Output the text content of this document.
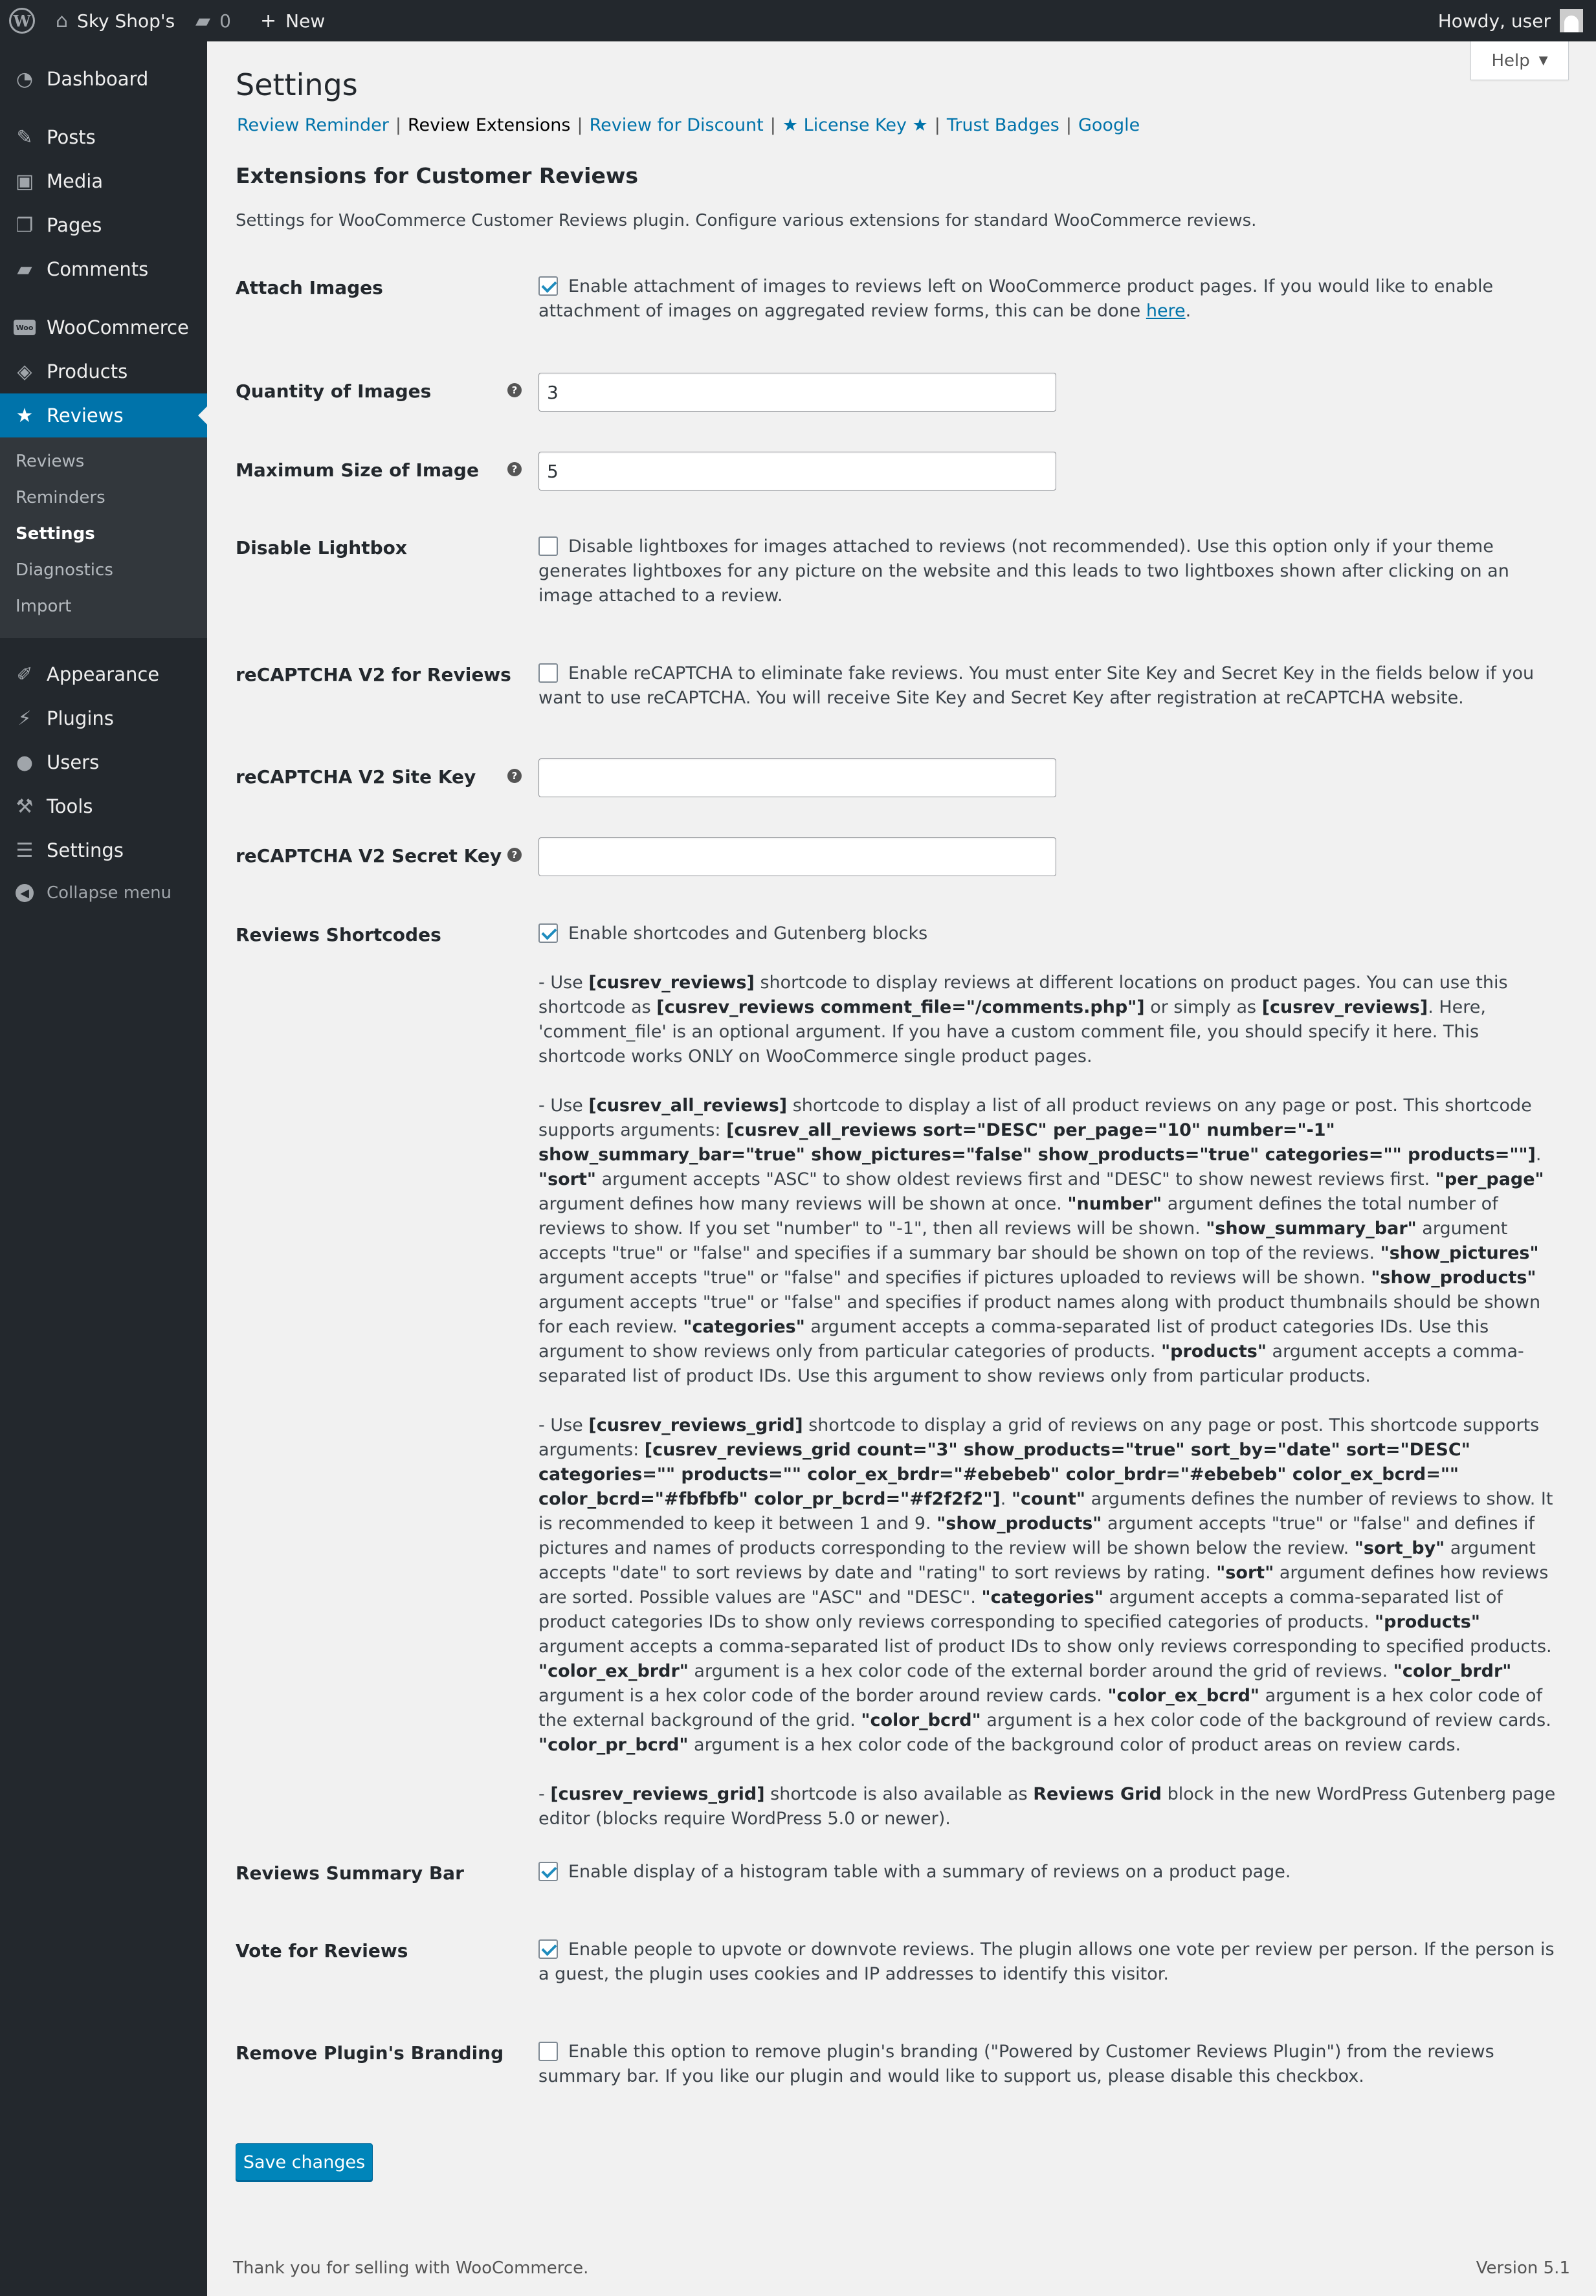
W ⌂ Sky Shop's ▰ 0 + New	Howdy, user
◔ Dashboard
✎ Posts
▣ Media
❐ Pages
▰ Comments
Woo WooCommerce
◈ Products
★ Reviews
Reviews
Reminders
Settings
Diagnostics
Import
✐ Appearance
⚡ Plugins
● Users
⚒ Tools
☰ Settings
◀ Collapse menu
Help ▼
Settings
Review Reminder | Review Extensions | Review for Discount | ★ License Key ★ | Trust Badges | Google
Extensions for Customer Reviews
Settings for WooCommerce Customer Reviews plugin. Configure various extensions for standard WooCommerce reviews.
Attach Images	Enable attachment of images to reviews left on WooCommerce product pages. If you would like to enable attachment of images on aggregated review forms, this can be done here.
Quantity of Images	?	3
Maximum Size of Image	?	5
Disable Lightbox	Disable lightboxes for images attached to reviews (not recommended). Use this option only if your theme generates lightboxes for any picture on the website and this leads to two lightboxes shown after clicking on an image attached to a review.
reCAPTCHA V2 for Reviews	Enable reCAPTCHA to eliminate fake reviews. You must enter Site Key and Secret Key in the fields below if you want to use reCAPTCHA. You will receive Site Key and Secret Key after registration at reCAPTCHA website.
reCAPTCHA V2 Site Key	?
reCAPTCHA V2 Secret Key	?
Reviews Shortcodes	Enable shortcodes and Gutenberg blocks
- Use [cusrev_reviews] shortcode to display reviews at different locations on product pages. You can use this shortcode as [cusrev_reviews comment_file="/comments.php"] or simply as [cusrev_reviews]. Here, 'comment_file' is an optional argument. If you have a custom comment file, you should specify it here. This shortcode works ONLY on WooCommerce single product pages.
- Use [cusrev_all_reviews] shortcode to display a list of all product reviews on any page or post. This shortcode supports arguments: [cusrev_all_reviews sort="DESC" per_page="10" number="-1" show_summary_bar="true" show_pictures="false" show_products="true" categories="" products=""]. "sort" argument accepts "ASC" to show oldest reviews first and "DESC" to show newest reviews first. "per_page" argument defines how many reviews will be shown at once. "number" argument defines the total number of reviews to show. If you set "number" to "-1", then all reviews will be shown. "show_summary_bar" argument accepts "true" or "false" and specifies if a summary bar should be shown on top of the reviews. "show_pictures" argument accepts "true" or "false" and specifies if pictures uploaded to reviews will be shown. "show_products" argument accepts "true" or "false" and specifies if product names along with product thumbnails should be shown for each review. "categories" argument accepts a comma-separated list of product categories IDs. Use this argument to show reviews only from particular categories of products. "products" argument accepts a comma-separated list of product IDs. Use this argument to show reviews only from particular products.
- Use [cusrev_reviews_grid] shortcode to display a grid of reviews on any page or post. This shortcode supports arguments: [cusrev_reviews_grid count="3" show_products="true" sort_by="date" sort="DESC" categories="" products="" color_ex_brdr="#ebebeb" color_brdr="#ebebeb" color_ex_bcrd="" color_bcrd="#fbfbfb" color_pr_bcrd="#f2f2f2"]. "count" arguments defines the number of reviews to show. It is recommended to keep it between 1 and 9. "show_products" argument accepts "true" or "false" and defines if pictures and names of products corresponding to the review will be shown below the review. "sort_by" argument accepts "date" to sort reviews by date and "rating" to sort reviews by rating. "sort" argument defines how reviews are sorted. Possible values are "ASC" and "DESC". "categories" argument accepts a comma-separated list of product categories IDs to show only reviews corresponding to specified categories of products. "products" argument accepts a comma-separated list of product IDs to show only reviews corresponding to specified products. "color_ex_brdr" argument is a hex color code of the external border around the grid of reviews. "color_brdr" argument is a hex color code of the border around review cards. "color_ex_bcrd" argument is a hex color code of the external background of the grid. "color_bcrd" argument is a hex color code of the background of review cards. "color_pr_bcrd" argument is a hex color code of the background color of product areas on review cards.
- [cusrev_reviews_grid] shortcode is also available as Reviews Grid block in the new WordPress Gutenberg page editor (blocks require WordPress 5.0 or newer).
Reviews Summary Bar	Enable display of a histogram table with a summary of reviews on a product page.
Vote for Reviews	Enable people to upvote or downvote reviews. The plugin allows one vote per review per person. If the person is a guest, the plugin uses cookies and IP addresses to identify this visitor.
Remove Plugin's Branding	Enable this option to remove plugin's branding ("Powered by Customer Reviews Plugin") from the reviews summary bar. If you like our plugin and would like to support us, please disable this checkbox.
Save changes
Thank you for selling with WooCommerce.	Version 5.1
